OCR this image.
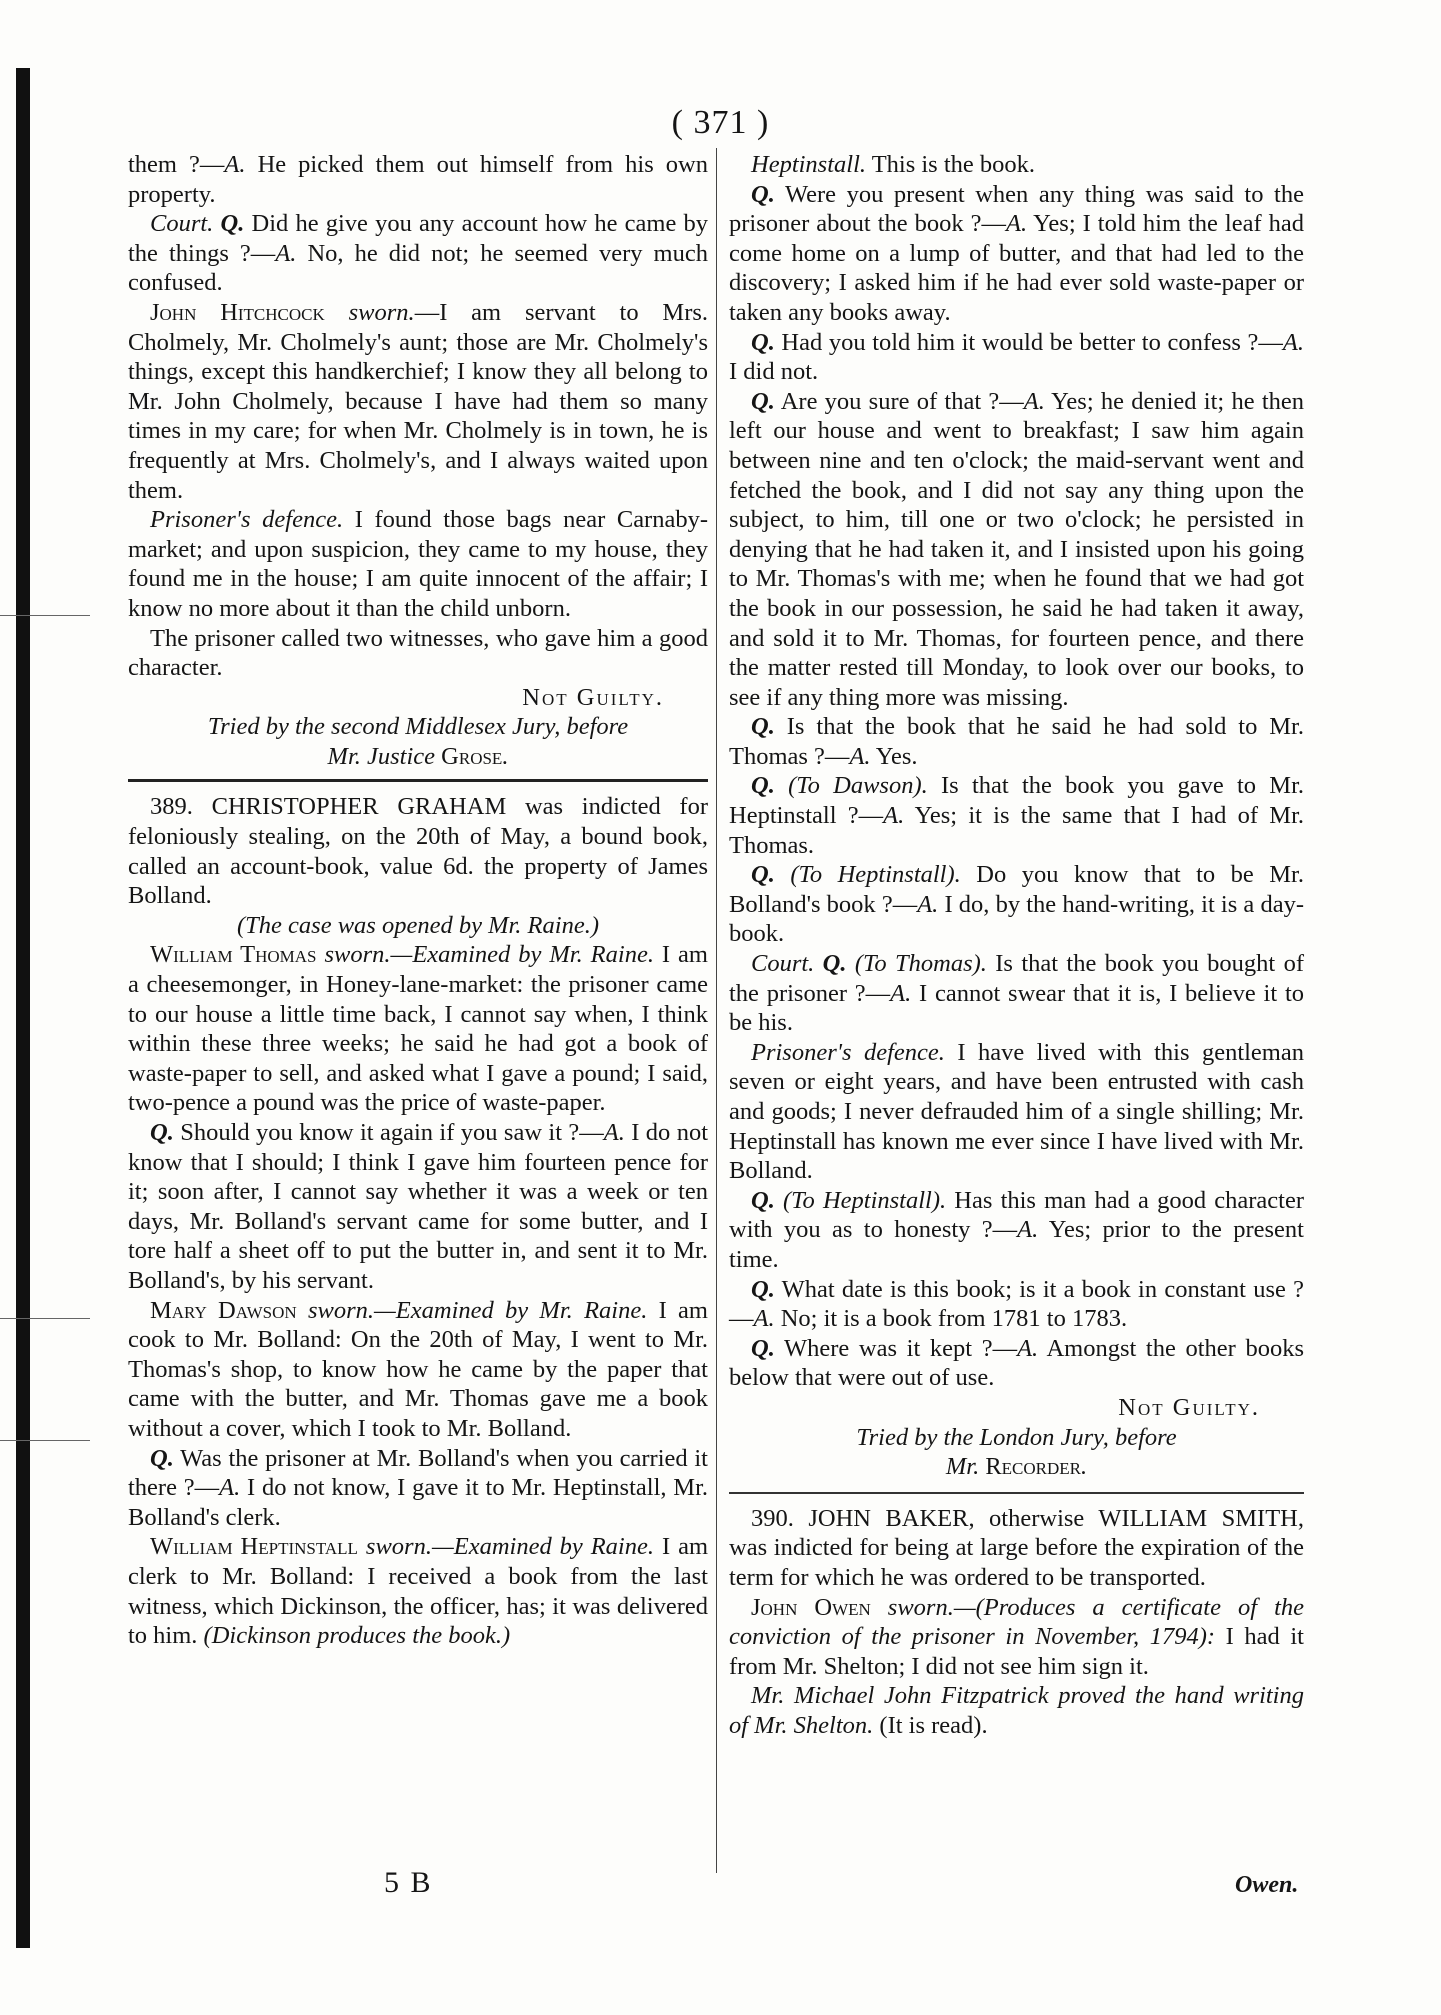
( 371 )

them ?—A. He picked them out himself from his own property.

Court. Q. Did he give you any account how he came by the things ?—A. No, he did not; he seemed very much confused.

John Hitchcock sworn.—I am servant to Mrs. Cholmely, Mr. Cholmely's aunt; those are Mr. Cholmely's things, except this handkerchief; I know they all belong to Mr. John Cholmely, because I have had them so many times in my care; for when Mr. Cholmely is in town, he is frequently at Mrs. Cholmely's, and I always waited upon them.

Prisoner's defence. I found those bags near Carnaby-market; and upon suspicion, they came to my house, they found me in the house; I am quite innocent of the affair; I know no more about it than the child unborn.

The prisoner called two witnesses, who gave him a good character.

Not Guilty.

Tried by the second Middlesex Jury, before
Mr. Justice Grose.

389. CHRISTOPHER GRAHAM was indicted for feloniously stealing, on the 20th of May, a bound book, called an account-book, value 6d. the property of James Bolland.

(The case was opened by Mr. Raine.)

William Thomas sworn.—Examined by Mr. Raine. I am a cheesemonger, in Honey-lane-market: the prisoner came to our house a little time back, I cannot say when, I think within these three weeks; he said he had got a book of waste-paper to sell, and asked what I gave a pound; I said, two-pence a pound was the price of waste-paper.

Q. Should you know it again if you saw it ?—A. I do not know that I should; I think I gave him fourteen pence for it; soon after, I cannot say whether it was a week or ten days, Mr. Bolland's servant came for some butter, and I tore half a sheet off to put the butter in, and sent it to Mr. Bolland's, by his servant.

Mary Dawson sworn.—Examined by Mr. Raine. I am cook to Mr. Bolland: On the 20th of May, I went to Mr. Thomas's shop, to know how he came by the paper that came with the butter, and Mr. Thomas gave me a book without a cover, which I took to Mr. Bolland.

Q. Was the prisoner at Mr. Bolland's when you carried it there ?—A. I do not know, I gave it to Mr. Heptinstall, Mr. Bolland's clerk.

William Heptinstall sworn.—Examined by Raine. I am clerk to Mr. Bolland: I received a book from the last witness, which Dickinson, the officer, has; it was delivered to him. (Dickinson produces the book.)

Heptinstall. This is the book.

Q. Were you present when any thing was said to the prisoner about the book ?—A. Yes; I told him the leaf had come home on a lump of butter, and that had led to the discovery; I asked him if he had ever sold waste-paper or taken any books away.

Q. Had you told him it would be better to confess ?—A. I did not.

Q. Are you sure of that ?—A. Yes; he denied it; he then left our house and went to breakfast; I saw him again between nine and ten o'clock; the maid-servant went and fetched the book, and I did not say any thing upon the subject, to him, till one or two o'clock; he persisted in denying that he had taken it, and I insisted upon his going to Mr. Thomas's with me; when he found that we had got the book in our possession, he said he had taken it away, and sold it to Mr. Thomas, for fourteen pence, and there the matter rested till Monday, to look over our books, to see if any thing more was missing.

Q. Is that the book that he said he had sold to Mr. Thomas ?—A. Yes.

Q. (To Dawson). Is that the book you gave to Mr. Heptinstall ?—A. Yes; it is the same that I had of Mr. Thomas.

Q. (To Heptinstall). Do you know that to be Mr. Bolland's book ?—A. I do, by the hand-writing, it is a day-book.

Court. Q. (To Thomas). Is that the book you bought of the prisoner ?—A. I cannot swear that it is, I believe it to be his.

Prisoner's defence. I have lived with this gentleman seven or eight years, and have been entrusted with cash and goods; I never defrauded him of a single shilling; Mr. Heptinstall has known me ever since I have lived with Mr. Bolland.

Q. (To Heptinstall). Has this man had a good character with you as to honesty ?—A. Yes; prior to the present time.

Q. What date is this book; is it a book in constant use ?—A. No; it is a book from 1781 to 1783.

Q. Where was it kept ?—A. Amongst the other books below that were out of use.

Not Guilty.

Tried by the London Jury, before
Mr. Recorder.

390. JOHN BAKER, otherwise WILLIAM SMITH, was indicted for being at large before the expiration of the term for which he was ordered to be transported.

John Owen sworn.—(Produces a certificate of the conviction of the prisoner in November, 1794): I had it from Mr. Shelton; I did not see him sign it.

Mr. Michael John Fitzpatrick proved the hand writing of Mr. Shelton. (It is read).

5 B	Owen.
